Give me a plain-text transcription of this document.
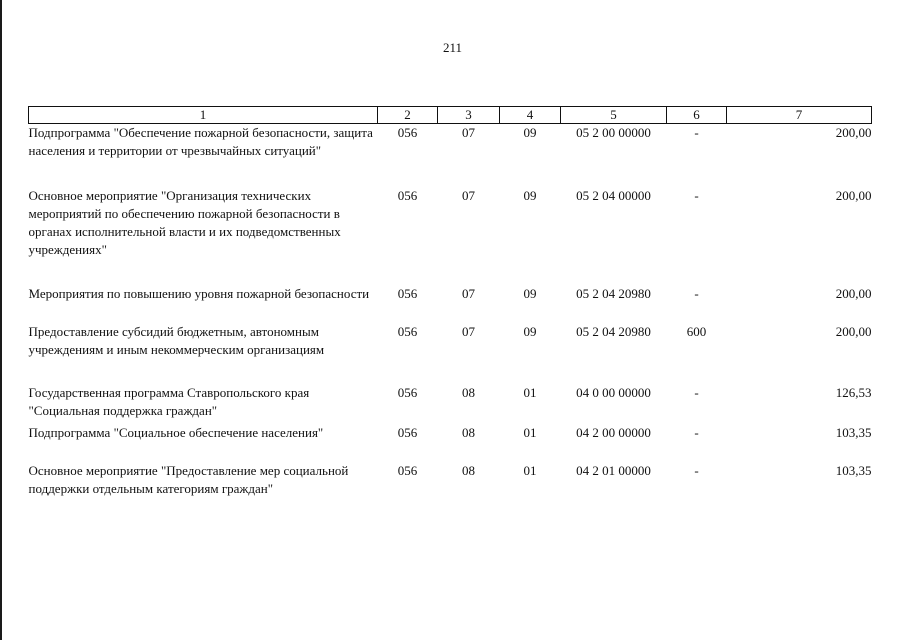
211
1	2	3	4	5	6	7
Подпрограмма "Обеспечение пожарной безопасности, защита населения и территории от чрезвычайных ситуаций"	056	07	09	05 2 00 00000	-	200,00
Основное мероприятие "Организация технических мероприятий по обеспечению пожарной безопасности в органах исполнительной власти и их подведомственных учреждениях"	056	07	09	05 2 04 00000	-	200,00
Мероприятия по повышению уровня пожарной безопасности	056	07	09	05 2 04 20980	-	200,00
Предоставление субсидий бюджетным, автономным учреждениям и иным некоммерческим организациям	056	07	09	05 2 04 20980	600	200,00
Государственная программа Ставропольского края "Социальная поддержка граждан"	056	08	01	04 0 00 00000	-	126,53
Подпрограмма "Социальное обеспечение населения"	056	08	01	04 2 00 00000	-	103,35
Основное мероприятие "Предоставление мер социальной поддержки отдельным категориям граждан"	056	08	01	04 2 01 00000	-	103,35
